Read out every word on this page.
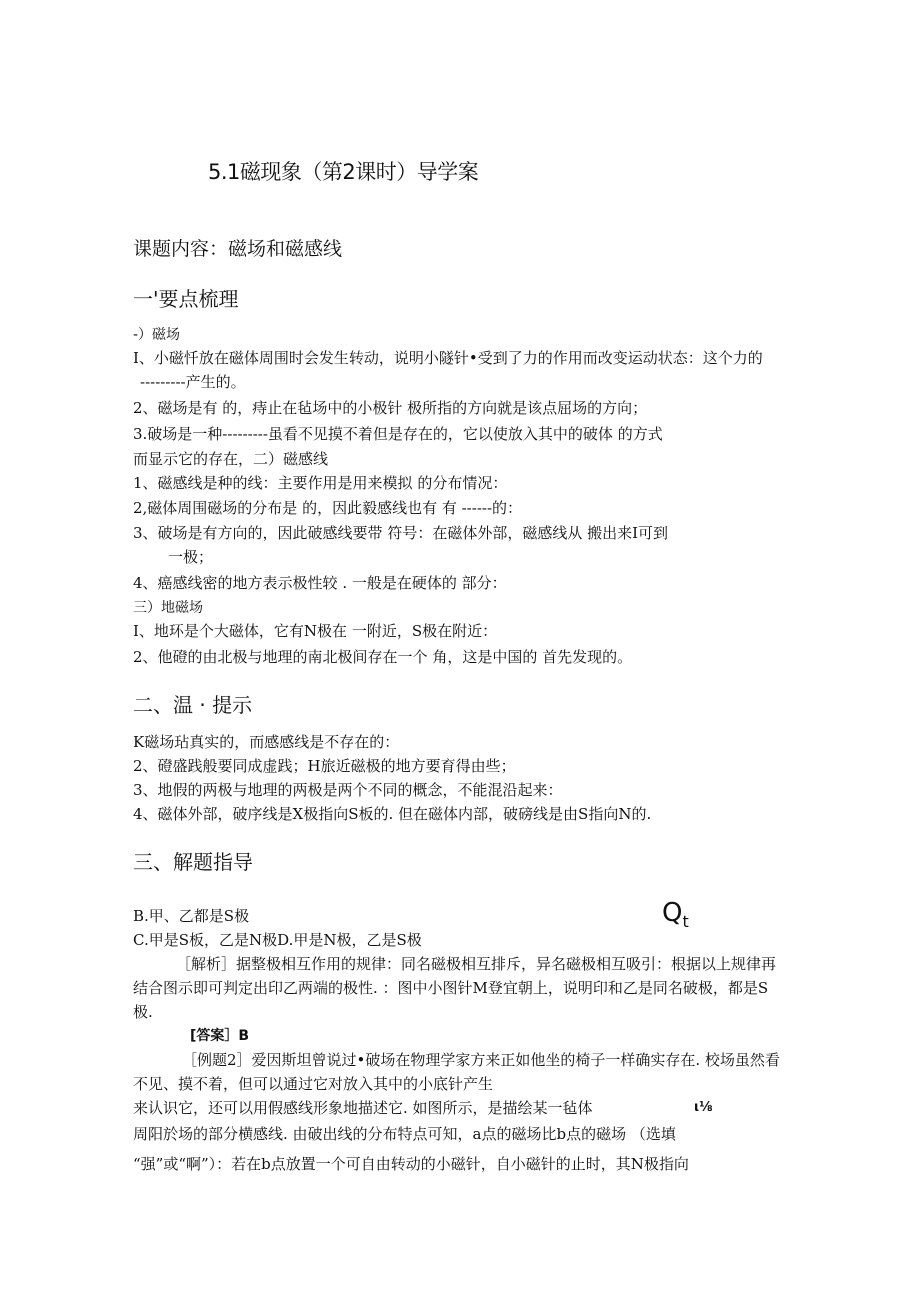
5.1磁现象（第2课时）导学案
课题内容：磁场和磁感线
一'要点梳理
-）磁场
I、小磁忏放在磁体周围时会发生转动，说明小隧针•受到了力的作用而改变运动状态：这个力的
---------产生的。
2、磁场是有 的，痔止在毡场中的小极针 极所指的方向就是该点屈场的方向；
3.破场是一种---------虽看不见摸不着但是存在的，它以使放入其中的破体 的方式
而显示它的存在，二）磁感线
1、磁感线是种的线：主要作用是用来模拟 的分布情况：
2,磁体周围磁场的分布是 的，因此毅感线也有 有 ------的：
3、破场是有方向的，因此破感线要带 符号：在磁体外部，磁感线从 搬出来I可到
一极；
4、癌感线密的地方表示极性较 . 一般是在硬体的 部分：
三）地磁场
I、地环是个大磁体，它有N极在 一附近，S极在附近：
2、他磴的由北极与地理的南北极间存在一个 角，这是中国的 首先发现的。
二、温 · 提示
K磁场玷真实的，而感感线是不存在的：
2、磴盛践般要同成虚践；H旅近磁极的地方要育得由些；
3、地假的两极与地理的两极是两个不同的概念，不能混沿起来：
4、磁体外部，破序线是X极指向S板的. 但在磁体内部，破磅线是由S指向N的.
三、解题指导
B.甲、乙都是S极	$Q_t$
C.甲是S板，乙是N极D.甲是N极，乙是S极
［解析］据整极相互作用的规律：同名磁极相互排斥，异名磁极相互吸引：根据以上规律再
结合图示即可判定出印乙两端的极性. ：图中小图针M登宜朝上，说明印和乙是同名破极，都是S
极.
[答案］B
［例题2］爱因斯坦曾说过•破场在物理学家方来正如他坐的椅子一样确实存在. 校场虽然看
不见、摸不着，但可以通过它对放入其中的小底针产生
来认识它，还可以用假感线形象地描述它. 如图所示，是描绘某一毡体	ι⅛
周阳於场的部分横感线. 由破出线的分布特点可知，a点的磁场比b点的磁场 （选填
“强”或“啊”）：若在b点放置一个可自由转动的小磁针，自小磁针的止时，其N极指向
